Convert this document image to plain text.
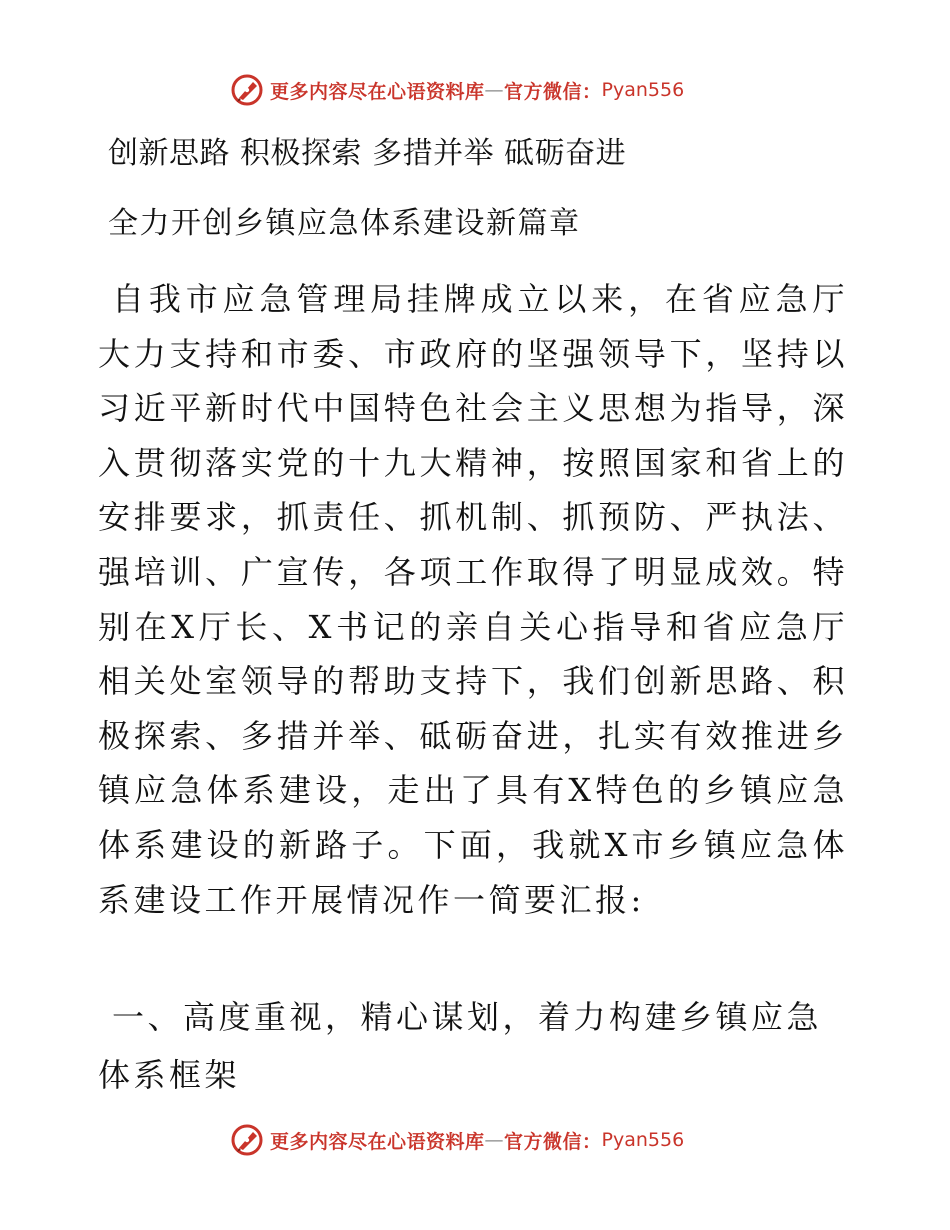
更多内容尽在心语资料库 — 官方微信： Pyan556
创新思路 积极探索 多措并举 砥砺奋进
全力开创乡镇应急体系建设新篇章

自我市应急管理局挂牌成立以来，在省应急厅大力支持和市委、市政府的坚强领导下，坚持以习近平新时代中国特色社会主义思想为指导，深入贯彻落实党的十九大精神，按照国家和省上的安排要求，抓责任、抓机制、抓预防、严执法、强培训、广宣传，各项工作取得了明显成效。特别在X厅长、X书记的亲自关心指导和省应急厅相关处室领导的帮助支持下，我们创新思路、积极探索、多措并举、砥砺奋进，扎实有效推进乡镇应急体系建设，走出了具有X特色的乡镇应急体系建设的新路子。下面，我就X市乡镇应急体系建设工作开展情况作一简要汇报:

一、高度重视，精心谋划，着力构建乡镇应急体系框架
更多内容尽在心语资料库 — 官方微信： Pyan556
